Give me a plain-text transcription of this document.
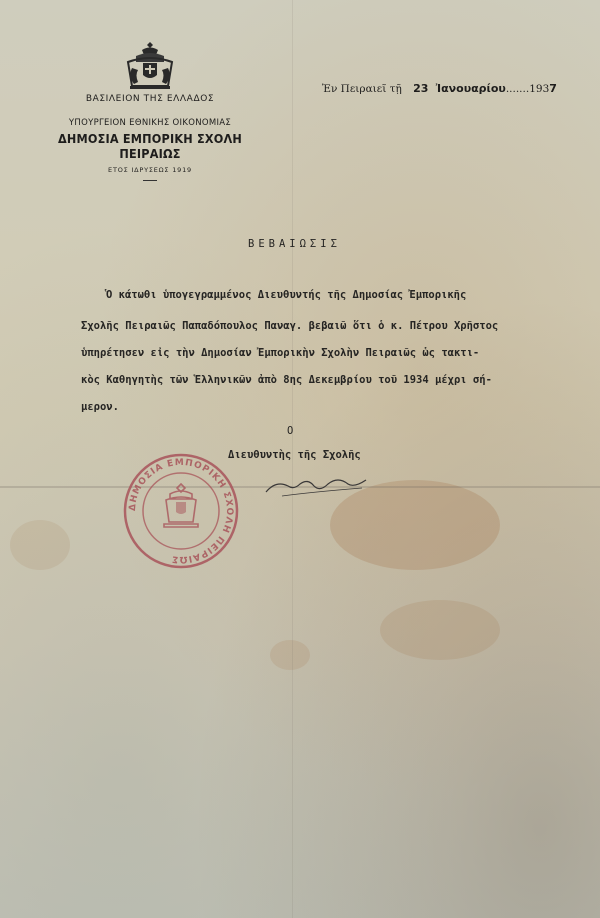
ΒΑΣΙΛΕΙΟΝ ΤΗΣ ΕΛΛΑΔΟΣ
ΥΠΟΥΡΓΕΙΟΝ ΕΘΝΙΚΗΣ ΟΙΚΟΝΟΜΙΑΣ
ΔΗΜΟΣΙΑ ΕΜΠΟΡΙΚΗ ΣΧΟΛΗ ΠΕΙΡΑΙΩΣ
ΕΤΟΣ ΙΔΡΥΣΕΩΣ 1919
Ἐν Πειραιεῖ τῇ 23 Ἰανουαρίου.......1937
ΒΕΒΑΙΩΣΙΣ
Ὁ κάτωθι ὑπογεγραμμένος Διευθυντής τῆς Δημοσίας Ἐμπορικῆς
Σχολῆς Πειραιῶς Παπαδόπουλος Παναγ. βεβαιῶ ὅτι ὁ κ. Πέτρου Χρῆστος
ὑπηρέτησεν εἰς τὴν Δημοσίαν Ἐμπορικὴν Σχολὴν Πειραιῶς ὡς τακτι-
κὸς Καθηγητὴς τῶν Ἑλληνικῶν ἀπὸ 8ης Δεκεμβρίου τοῦ 1934 μέχρι σή-
μερον.
Ο
Διευθυντὴς τῆς Σχολῆς
ΔΗΜΟΣΙΑ ΕΜΠΟΡΙΚΗ ΣΧΟΛΗ ΠΕΙΡΑΙΩΣ
